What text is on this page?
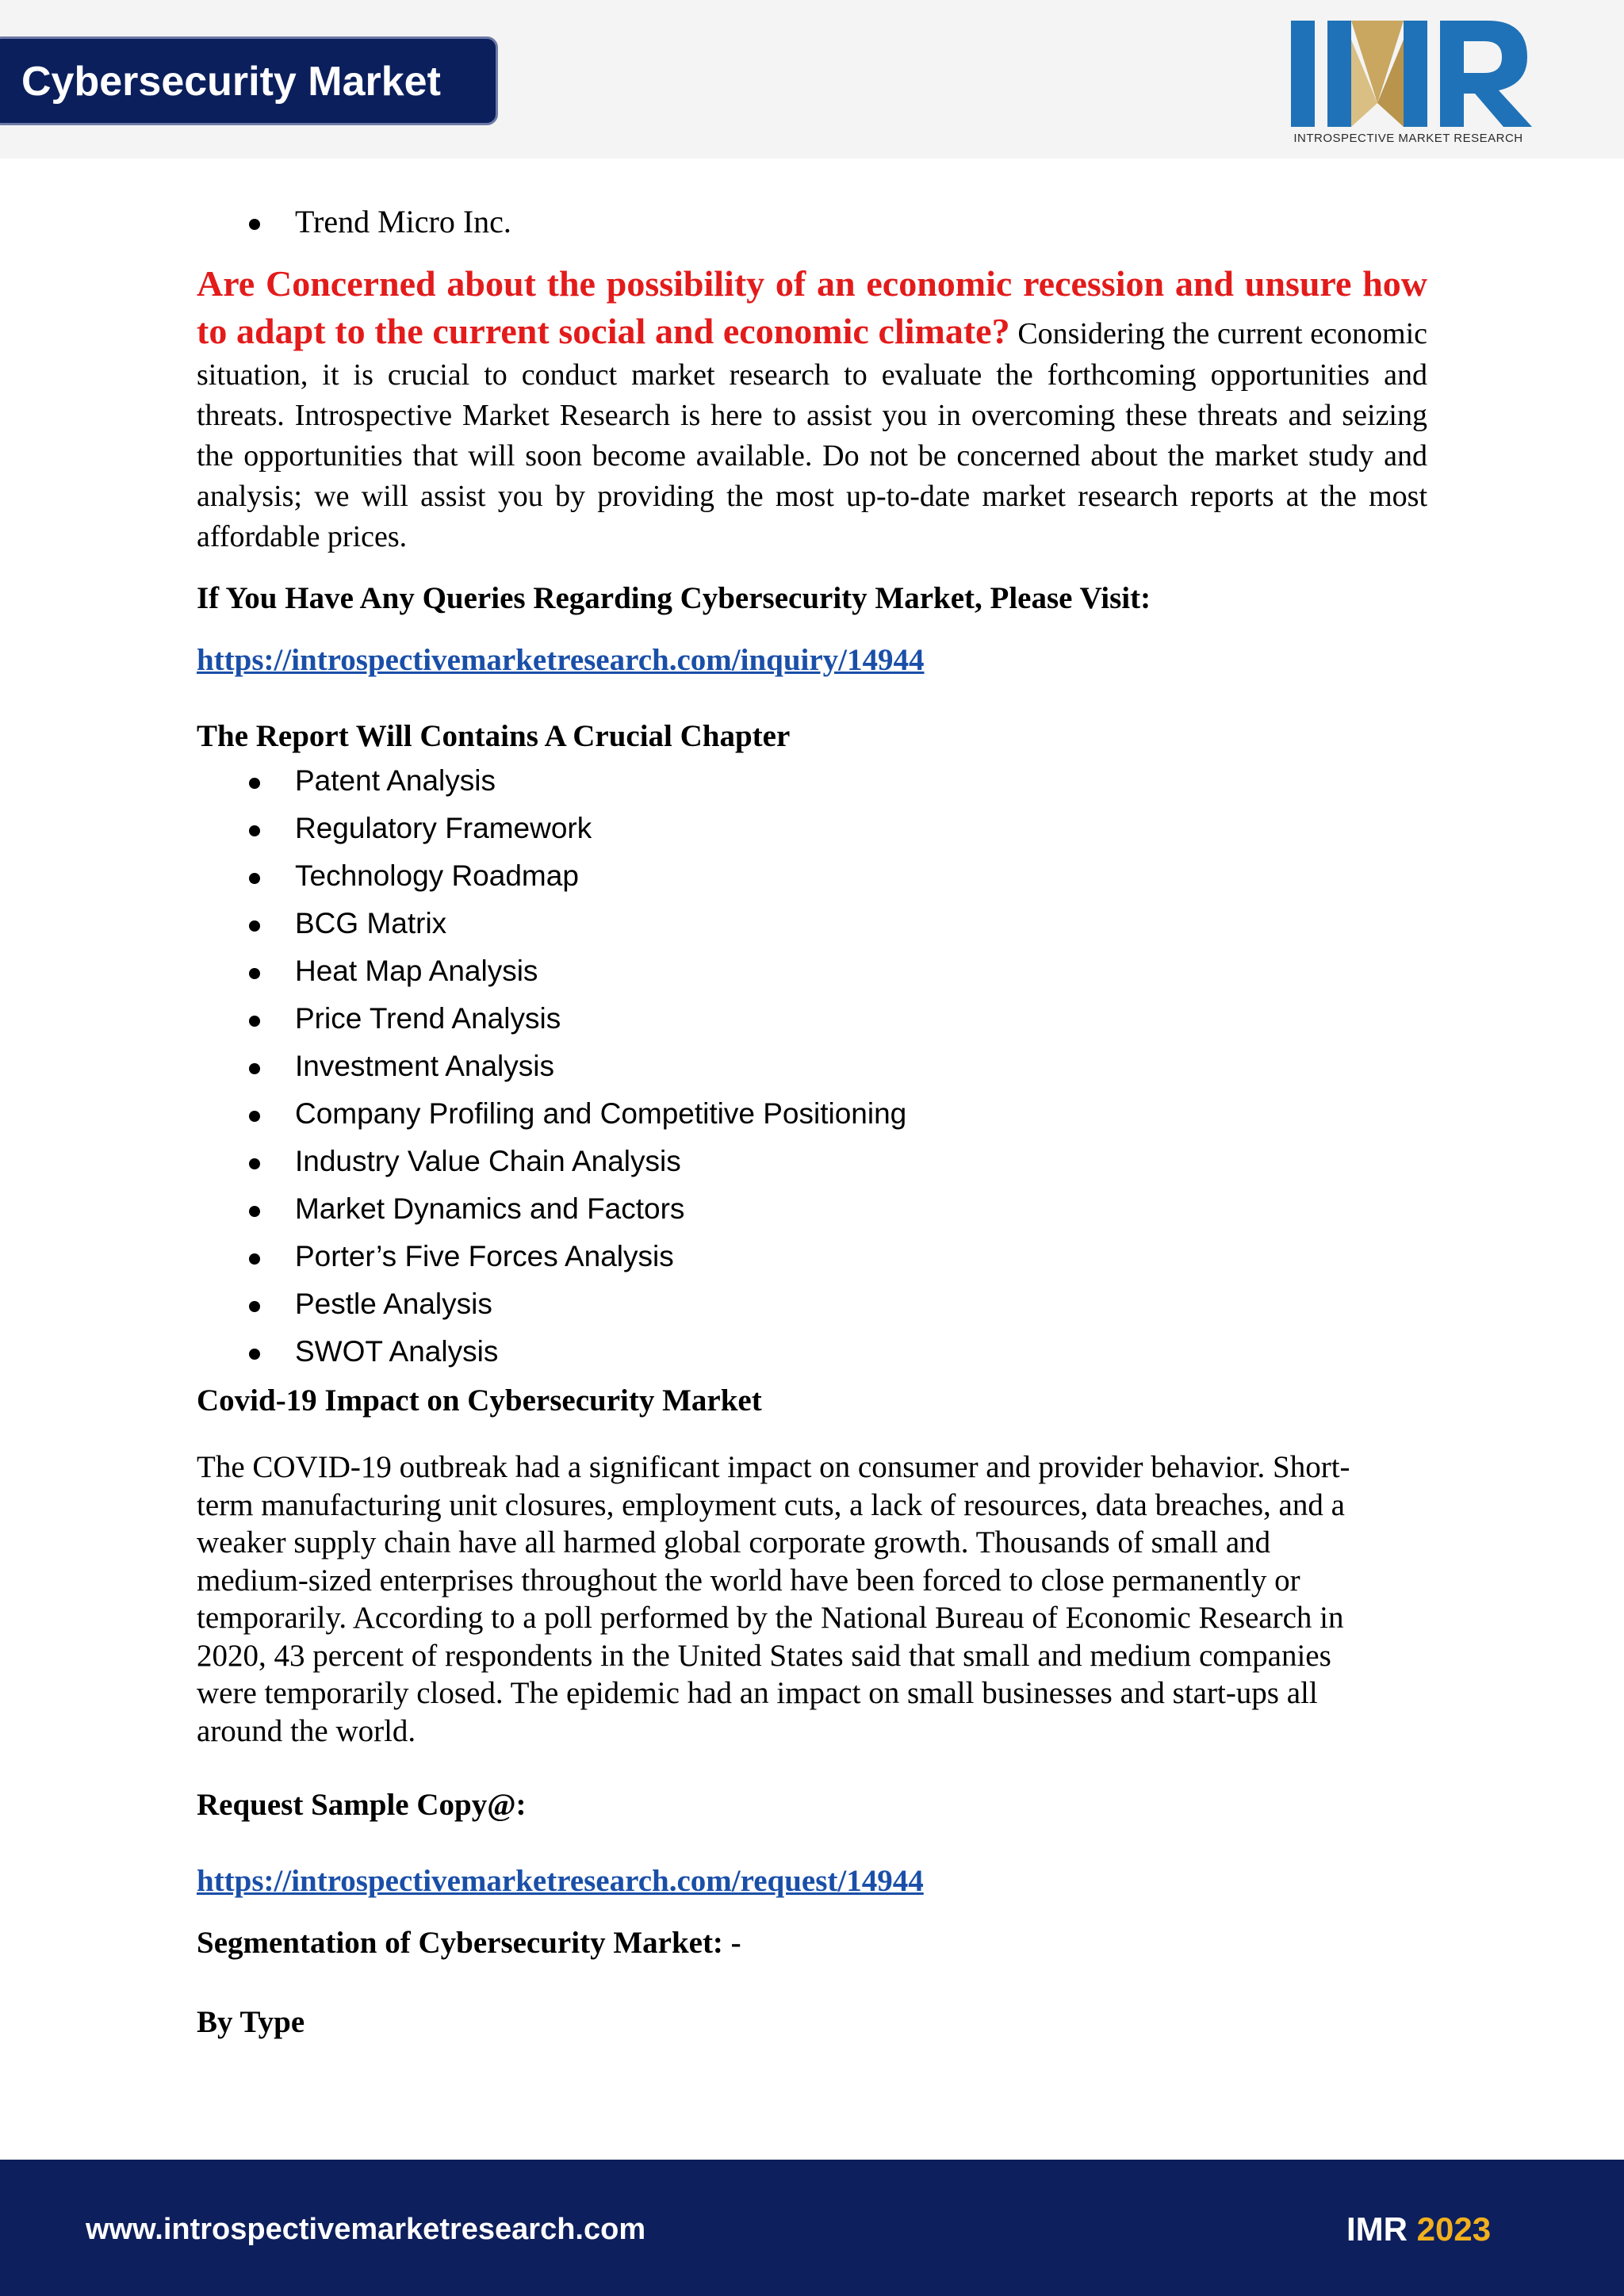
Cybersecurity Market
INTROSPECTIVE MARKET RESEARCH
Trend Micro Inc.

Are Concerned about the possibility of an economic recession and unsure how to adapt to the current social and economic climate? Considering the current economic situation, it is crucial to conduct market research to evaluate the forthcoming opportunities and threats. Introspective Market Research is here to assist you in overcoming these threats and seizing the opportunities that will soon become available. Do not be concerned about the market study and analysis; we will assist you by providing the most up-to-date market research reports at the most affordable prices.

If You Have Any Queries Regarding Cybersecurity Market, Please Visit:

https://introspectivemarketresearch.com/inquiry/14944

The Report Will Contains A Crucial Chapter

Patent Analysis
Regulatory Framework
Technology Roadmap
BCG Matrix
Heat Map Analysis
Price Trend Analysis
Investment Analysis
Company Profiling and Competitive Positioning
Industry Value Chain Analysis
Market Dynamics and Factors
Porter’s Five Forces Analysis
Pestle Analysis
SWOT Analysis

Covid-19 Impact on Cybersecurity Market

The COVID-19 outbreak had a significant impact on consumer and provider behavior. Short-

term manufacturing unit closures, employment cuts, a lack of resources, data breaches, and a

weaker supply chain have all harmed global corporate growth. Thousands of small and

medium-sized enterprises throughout the world have been forced to close permanently or

temporarily. According to a poll performed by the National Bureau of Economic Research in

2020, 43 percent of respondents in the United States said that small and medium companies

were temporarily closed. The epidemic had an impact on small businesses and start-ups all

around the world.

Request Sample Copy@:

https://introspectivemarketresearch.com/request/14944

Segmentation of Cybersecurity Market: -

By Type

www.introspectivemarketresearch.com	IMR 2023
